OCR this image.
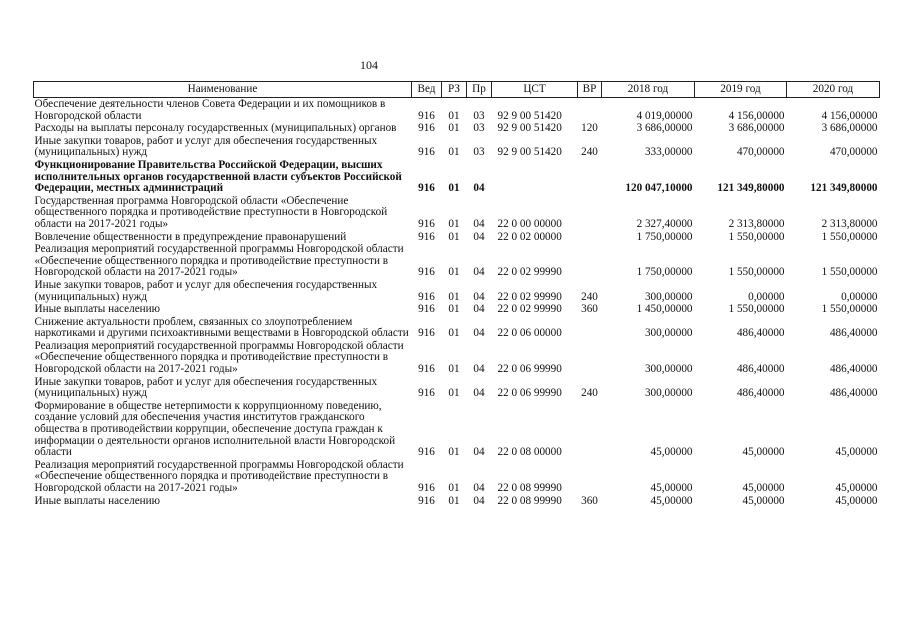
104
Наименование	Вед	РЗ	Пр	ЦСТ	ВР	2018 год	2019 год	2020 год
Обеспечение деятельности членов Совета Федерации и их помощников в Новгородской области	916	01	03	92 9 00 51420		4 019,00000	4 156,00000	4 156,00000
Расходы на выплаты персоналу государственных (муниципальных) органов	916	01	03	92 9 00 51420	120	3 686,00000	3 686,00000	3 686,00000
Иные закупки товаров, работ и услуг для обеспечения государственных (муниципальных) нужд	916	01	03	92 9 00 51420	240	333,00000	470,00000	470,00000
Функционирование Правительства Российской Федерации, высших исполнительных органов государственной власти субъектов Российской Федерации, местных администраций	916	01	04			120 047,10000	121 349,80000	121 349,80000
Государственная программа Новгородской области «Обеспечение общественного порядка и противодействие преступности в Новгородской области на 2017-2021 годы»	916	01	04	22 0 00 00000		2 327,40000	2 313,80000	2 313,80000
Вовлечение общественности в предупреждение правонарушений	916	01	04	22 0 02 00000		1 750,00000	1 550,00000	1 550,00000
Реализация мероприятий государственной программы Новгородской области «Обеспечение общественного порядка и противодействие преступности в Новгородской области на 2017-2021 годы»	916	01	04	22 0 02 99990		1 750,00000	1 550,00000	1 550,00000
Иные закупки товаров, работ и услуг для обеспечения государственных (муниципальных) нужд	916	01	04	22 0 02 99990	240	300,00000	0,00000	0,00000
Иные выплаты населению	916	01	04	22 0 02 99990	360	1 450,00000	1 550,00000	1 550,00000
Снижение актуальности проблем, связанных со злоупотреблением наркотиками и другими психоактивными веществами в Новгородской области	916	01	04	22 0 06 00000		300,00000	486,40000	486,40000
Реализация мероприятий государственной программы Новгородской области «Обеспечение общественного порядка и противодействие преступности в Новгородской области на 2017-2021 годы»	916	01	04	22 0 06 99990		300,00000	486,40000	486,40000
Иные закупки товаров, работ и услуг для обеспечения государственных (муниципальных) нужд	916	01	04	22 0 06 99990	240	300,00000	486,40000	486,40000
Формирование в обществе нетерпимости к коррупционному поведению, создание условий для обеспечения участия институтов гражданского общества в противодействии коррупции, обеспечение доступа граждан к информации о деятельности органов исполнительной власти Новгородской области	916	01	04	22 0 08 00000		45,00000	45,00000	45,00000
Реализация мероприятий государственной программы Новгородской области «Обеспечение общественного порядка и противодействие преступности в Новгородской области на 2017-2021 годы»	916	01	04	22 0 08 99990		45,00000	45,00000	45,00000
Иные выплаты населению	916	01	04	22 0 08 99990	360	45,00000	45,00000	45,00000
